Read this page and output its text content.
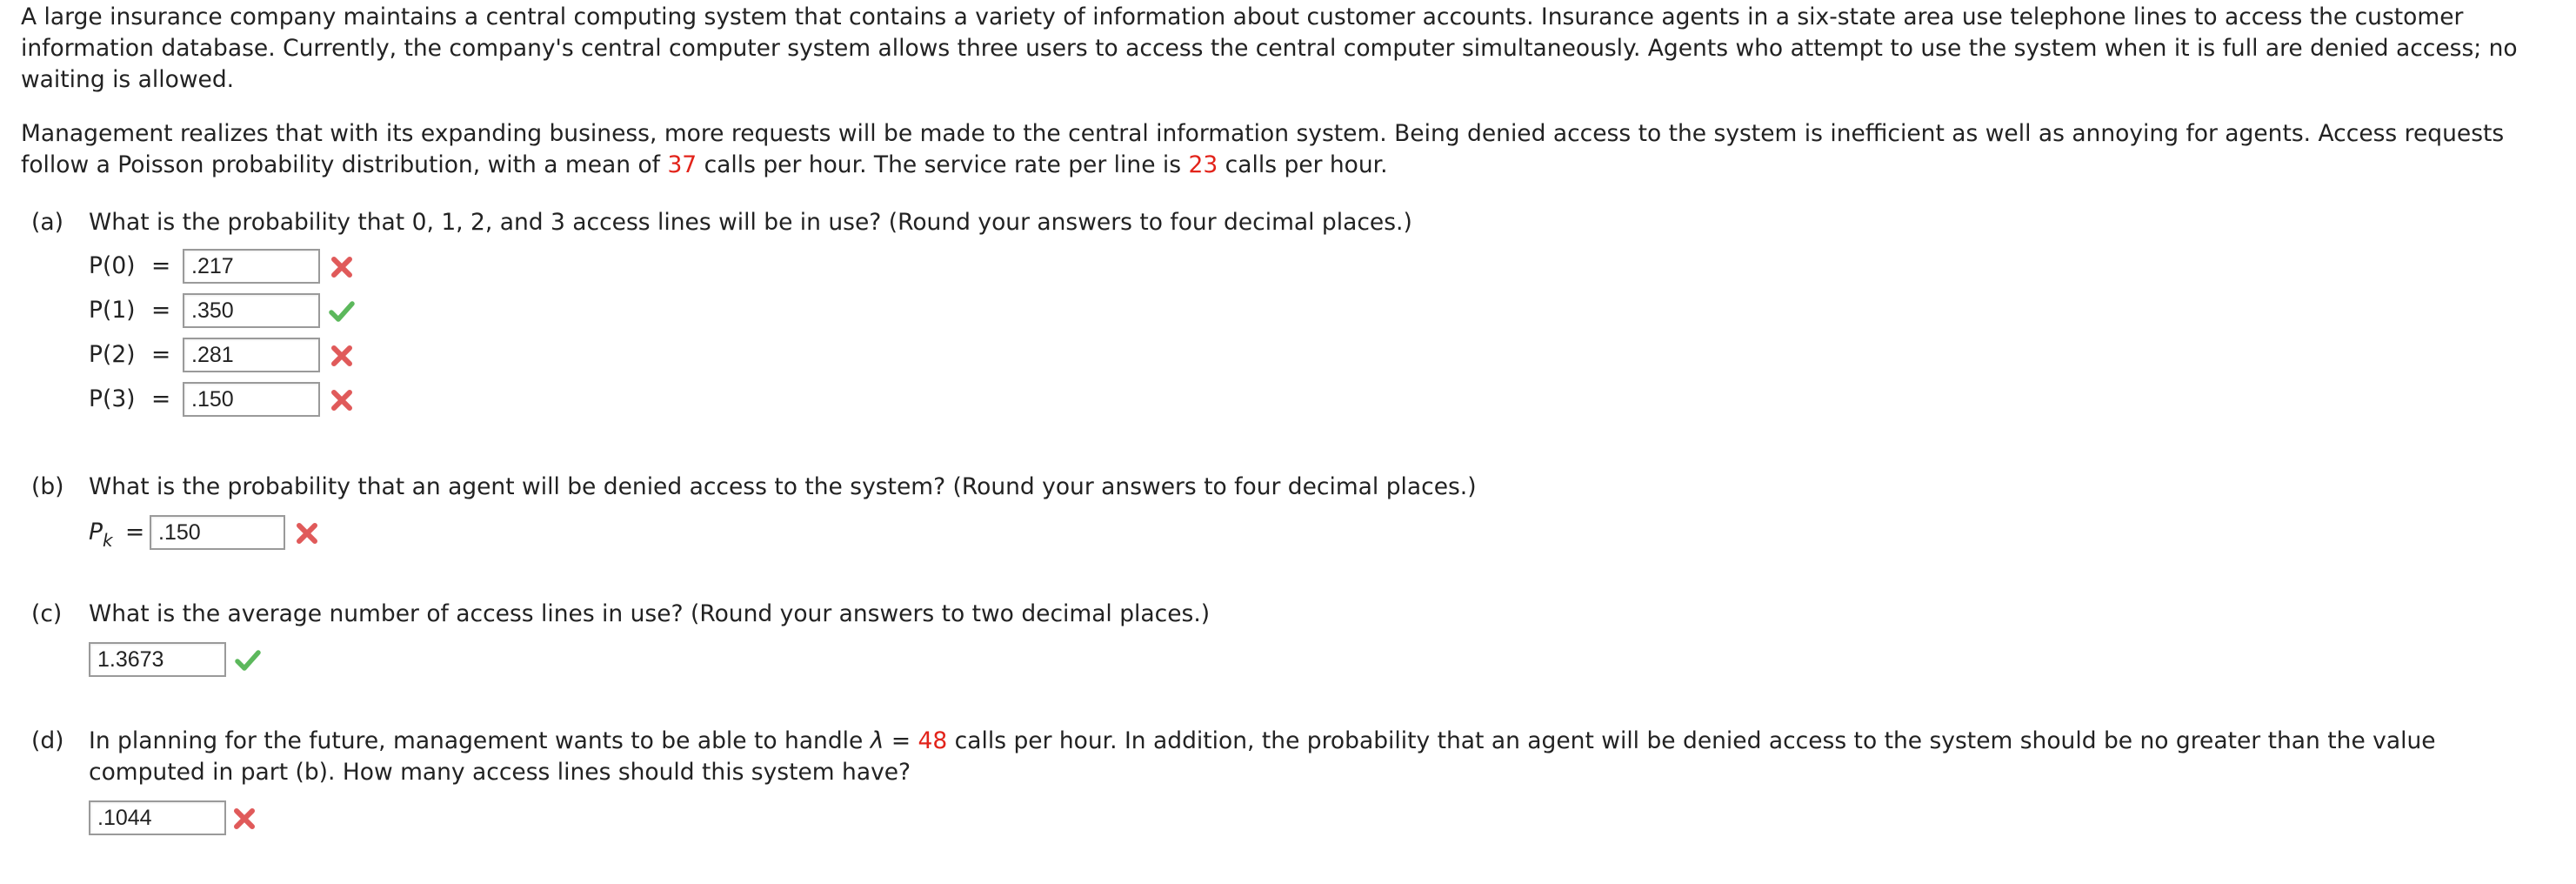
A large insurance company maintains a central computing system that contains a variety of information about customer accounts. Insurance agents in a six-state area use telephone lines to access the customer information database. Currently, the company's central computer system allows three users to access the central computer simultaneously. Agents who attempt to use the system when it is full are denied access; no waiting is allowed.

Management realizes that with its expanding business, more requests will be made to the central information system. Being denied access to the system is inefficient as well as annoying for agents. Access requests follow a Poisson probability distribution, with a mean of 37 calls per hour. The service rate per line is 23 calls per hour.

(a) What is the probability that 0, 1, 2, and 3 access lines will be in use? (Round your answers to four decimal places.)
P(0) = .217
P(1) = .350
P(2) = .281
P(3) = .150
(b) What is the probability that an agent will be denied access to the system? (Round your answers to four decimal places.)
$P_k = .150$
(c) What is the average number of access lines in use? (Round your answers to two decimal places.)
1.3673
(d)	In planning for the future, management wants to be able to handle λ = 48 calls per hour. In addition, the probability that an agent will be denied access to the system should be no greater than the value computed in part (b). How many access lines should this system have?
.1044
